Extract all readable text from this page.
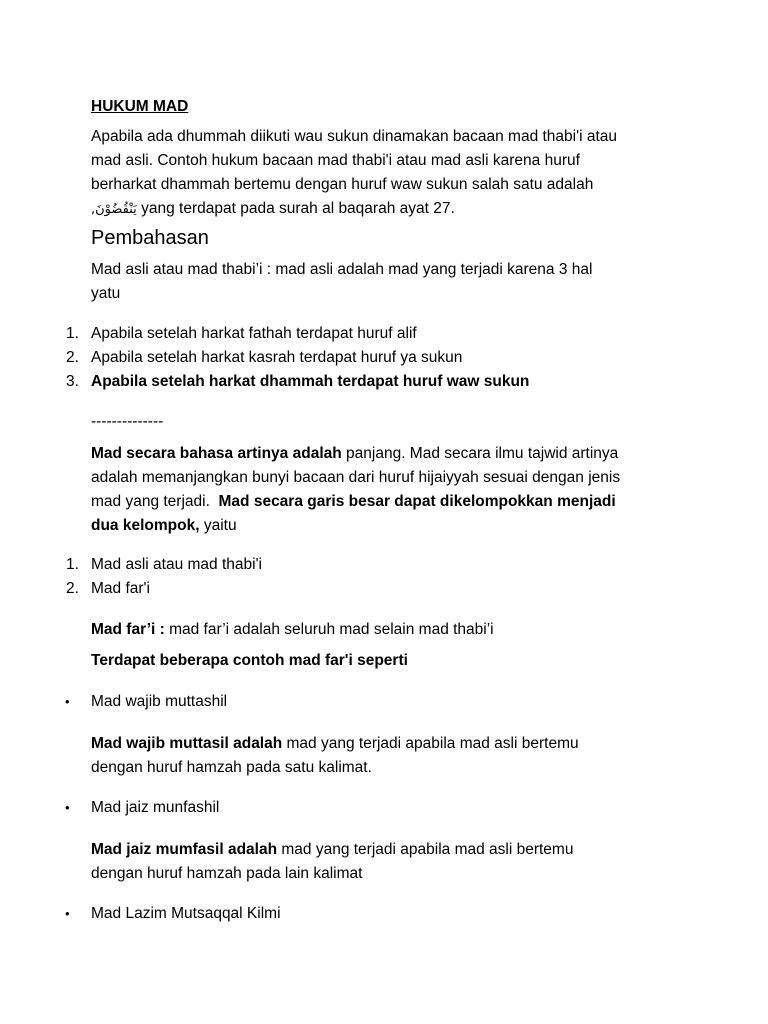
HUKUM MAD
Apabila ada dhummah diikuti wau sukun dinamakan bacaan mad thabi'i atau
mad asli. Contoh hukum bacaan mad thabi'i atau mad asli karena huruf
berharkat dhammah bertemu dengan huruf waw sukun salah satu adalah
يَنْقُضُوْنَ, yang terdapat pada surah al baqarah ayat 27.
Pembahasan
Mad asli atau mad thabi’i : mad asli adalah mad yang terjadi karena 3 hal
yatu
1. Apabila setelah harkat fathah terdapat huruf alif
2. Apabila setelah harkat kasrah terdapat huruf ya sukun
3. Apabila setelah harkat dhammah terdapat huruf waw sukun
--------------
Mad secara bahasa artinya adalah panjang. Mad secara ilmu tajwid artinya
adalah memanjangkan bunyi bacaan dari huruf hijaiyyah sesuai dengan jenis
mad yang terjadi.  Mad secara garis besar dapat dikelompokkan menjadi
dua kelompok, yaitu
1. Mad asli atau mad thabi'i
2. Mad far'i
Mad far’i : mad far’i adalah seluruh mad selain mad thabi’i
Terdapat beberapa contoh mad far'i seperti
•	Mad wajib muttashil
Mad wajib muttasil adalah mad yang terjadi apabila mad asli bertemu
dengan huruf hamzah pada satu kalimat.
•	Mad jaiz munfashil
Mad jaiz mumfasil adalah mad yang terjadi apabila mad asli bertemu
dengan huruf hamzah pada lain kalimat
•	Mad Lazim Mutsaqqal Kilmi
